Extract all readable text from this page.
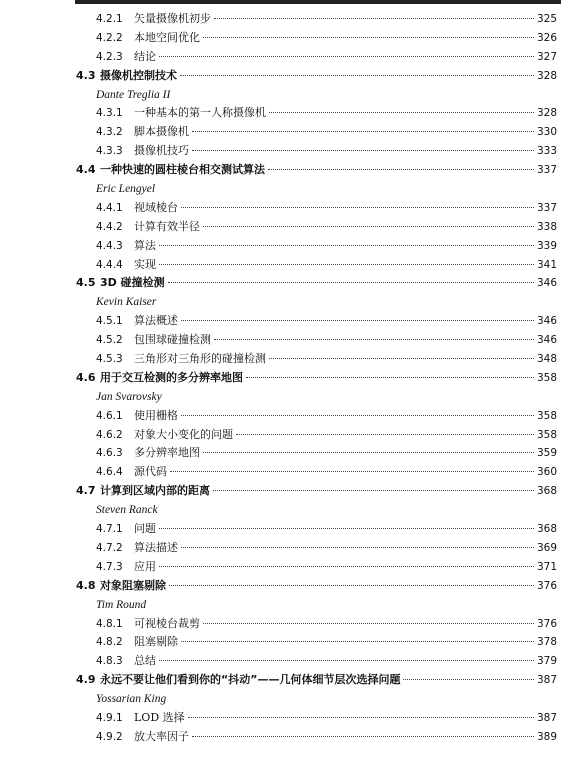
4.2.1	矢量摄像机初步	325
4.2.2	本地空间优化	326
4.2.3	结论	327
4.3 摄像机控制技术	328
Dante Treglia II
4.3.1	一种基本的第一人称摄像机	328
4.3.2	脚本摄像机	330
4.3.3	摄像机技巧	333
4.4 一种快速的圆柱棱台相交测试算法	337
Eric Lengyel
4.4.1	视域棱台	337
4.4.2	计算有效半径	338
4.4.3	算法	339
4.4.4	实现	341
4.5 3D 碰撞检测	346
Kevin Kaiser
4.5.1	算法概述	346
4.5.2	包围球碰撞检测	346
4.5.3	三角形对三角形的碰撞检测	348
4.6 用于交互检测的多分辨率地图	358
Jan Svarovsky
4.6.1	使用栅格	358
4.6.2	对象大小变化的问题	358
4.6.3	多分辨率地图	359
4.6.4	源代码	360
4.7 计算到区域内部的距离	368
Steven Ranck
4.7.1	问题	368
4.7.2	算法描述	369
4.7.3	应用	371
4.8 对象阻塞剔除	376
Tim Round
4.8.1	可视棱台裁剪	376
4.8.2	阻塞剔除	378
4.8.3	总结	379
4.9 永远不要让他们看到你的“抖动”——几何体细节层次选择问题	387
Yossarian King
4.9.1	LOD 选择	387
4.9.2	放大率因子	389
